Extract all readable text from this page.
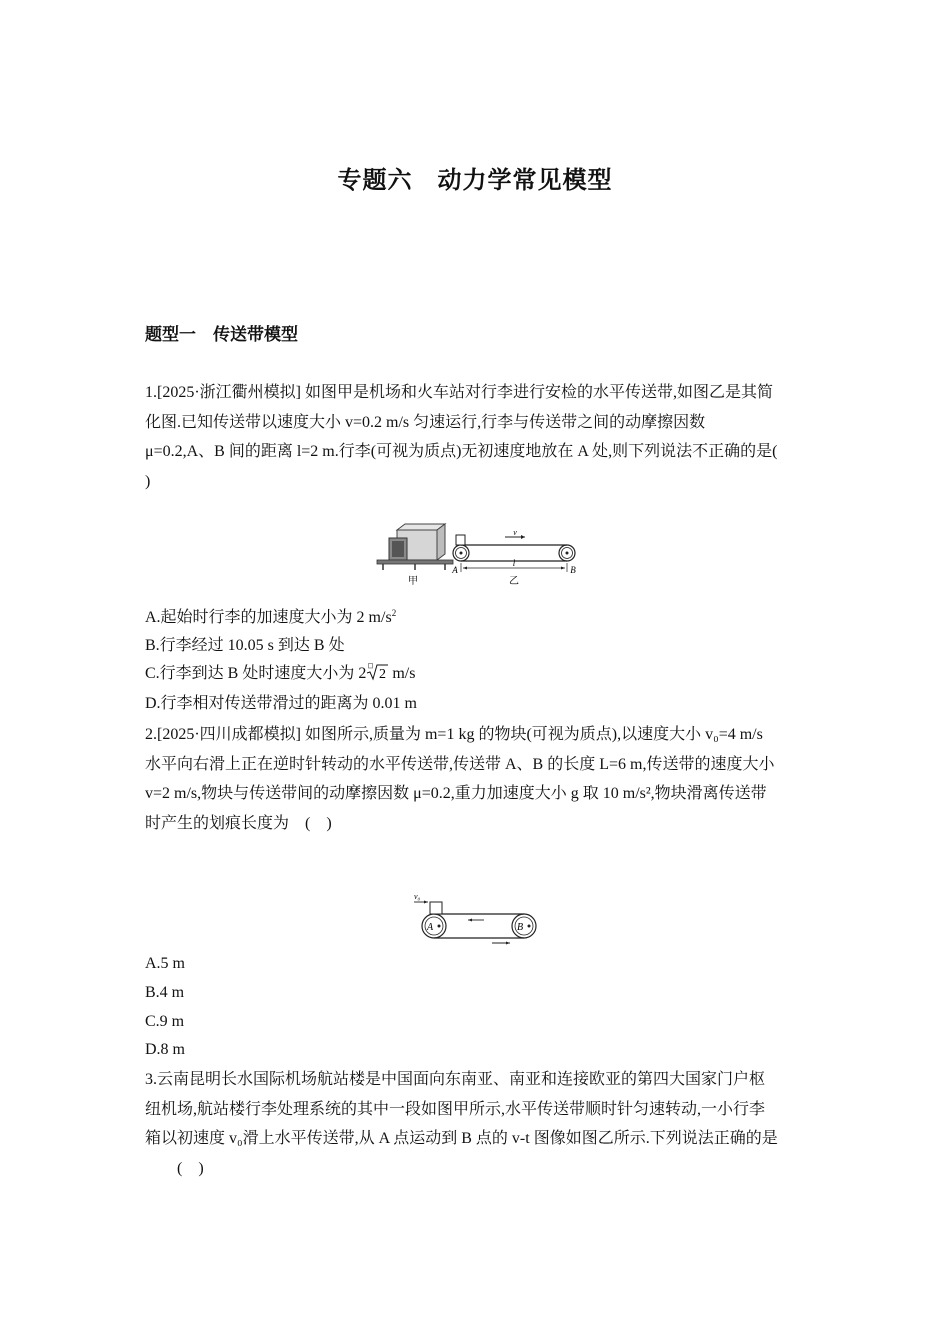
专题六　动力学常见模型
题型一　传送带模型
1.[2025·浙江衢州模拟] 如图甲是机场和火车站对行李进行安检的水平传送带,如图乙是其简
化图.已知传送带以速度大小 v=0.2 m/s 匀速运行,行李与传送带之间的动摩擦因数
μ=0.2,A、B 间的距离 l=2 m.行李(可视为质点)无初速度地放在 A 处,则下列说法不正确的是(
)
甲
v
A	B
l
乙
A.起始时行李的加速度大小为 2 $m/s^2$
B.行李经过 10.05 s 到达 B 处
C.行李到达 B 处时速度大小为 2 2 m/s
D.行李相对传送带滑过的距离为 0.01 m
2.[2025·四川成都模拟] 如图所示,质量为 m=1 kg 的物块(可视为质点),以速度大小 v₀=4 m/s
水平向右滑上正在逆时针转动的水平传送带,传送带 A、B 的长度 L=6 m,传送带的速度大小
v=2 m/s,物块与传送带间的动摩擦因数 μ=0.2,重力加速度大小 g 取 10 m/s²,物块滑离传送带
时产生的划痕长度为　(　)
v₀
A	B
A.5 m
B.4 m
C.9 m
D.8 m
3.云南昆明长水国际机场航站楼是中国面向东南亚、南亚和连接欧亚的第四大国家门户枢
纽机场,航站楼行李处理系统的其中一段如图甲所示,水平传送带顺时针匀速转动,一小行李
箱以初速度 v₀滑上水平传送带,从 A 点运动到 B 点的 v-t 图像如图乙所示.下列说法正确的是
　　(　)
